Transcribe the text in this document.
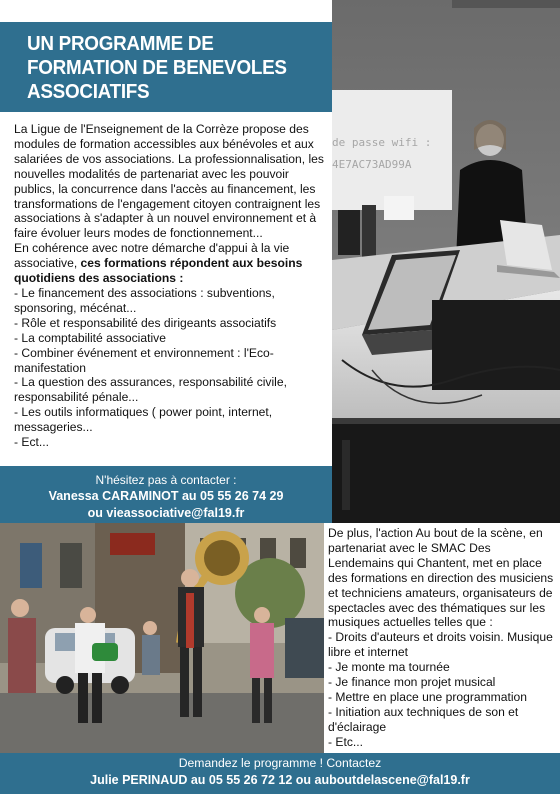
de passe wifi :
4E7AC73AD99A
UN PROGRAMME DE
FORMATION DE BENEVOLES
ASSOCIATIFS

La Ligue de l'Enseignement de la Corrèze propose des modules de formation accessibles aux bénévoles et aux salariées de vos associations. La professionnalisation, les nouvelles modalités de partenariat avec les pouvoir publics, la concurrence dans l'accès au financement, les transformations de l'engagement citoyen contraignent les associations à s'adapter à un nouvel environnement et à faire évoluer leurs modes de fonctionnement...

En cohérence avec notre démarche d'appui à la vie associative, ces formations répondent aux besoins quotidiens des associations :

- Le financement des associations : subventions, sponsoring, mécénat...
- Rôle et responsabilité des dirigeants associatifs
- La comptabilité associative
- Combiner événement et environnement : l'Eco-manifestation
- La question des assurances, responsabilité civile, responsabilité pénale...
- Les outils informatiques ( power point, internet, messageries...
- Ect...
N'hésitez pas à contacter :
Vanessa CARAMINOT au 05 55 26 74 29
ou vieassociative@fal19.fr

De plus, l'action Au bout de la scène, en partenariat avec le SMAC Des Lendemains qui Chantent, met en place des formations en direction des musiciens et techniciens amateurs, organisateurs de spectacles avec des thématiques sur les musiques actuelles telles que :

- Droits d'auteurs et droits voisin. Musique libre et internet
- Je monte ma tournée
- Je finance mon projet musical
- Mettre en place une programmation
- Initiation aux techniques de son et d'éclairage
- Etc...
Demandez le programme ! Contactez
Julie PERINAUD au 05 55 26 72 12 ou auboutdelascene@fal19.fr
